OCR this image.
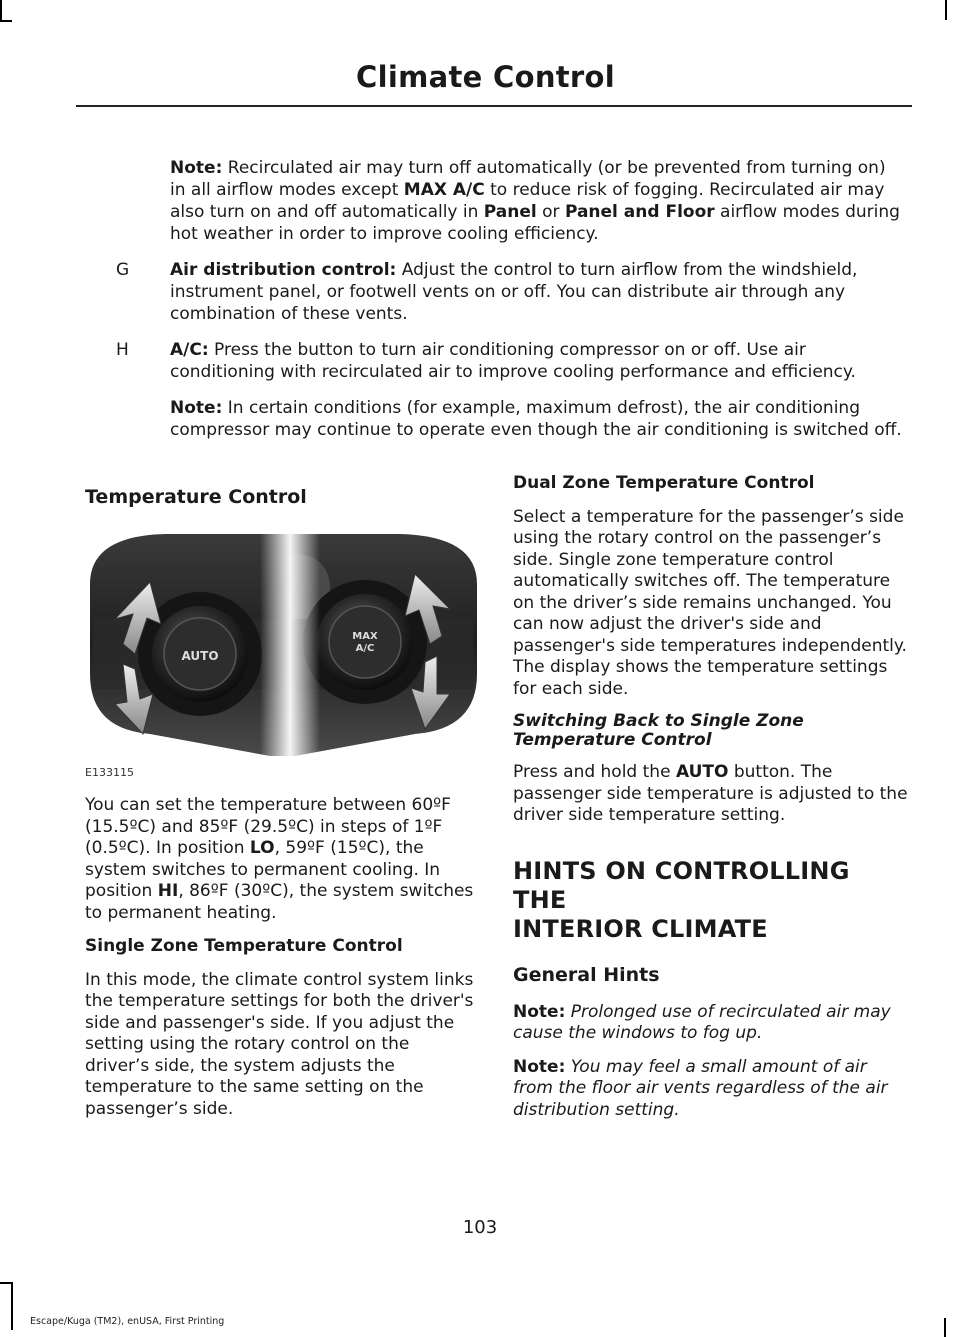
Climate Control
Note: Recirculated air may turn off automatically (or be prevented from turning on) in all airflow modes except MAX A/C to reduce risk of fogging. Recirculated air may also turn on and off automatically in Panel or Panel and Floor airflow modes during hot weather in order to improve cooling efficiency.
G Air distribution control: Adjust the control to turn airflow from the windshield, instrument panel, or footwell vents on or off. You can distribute air through any combination of these vents.
H A/C: Press the button to turn air conditioning compressor on or off. Use air conditioning with recirculated air to improve cooling performance and efficiency.
Note: In certain conditions (for example, maximum defrost), the air conditioning compressor may continue to operate even though the air conditioning is switched off.
Temperature Control
AUTO
MAX
A/C
E133115

You can set the temperature between 60ºF (15.5ºC) and 85ºF (29.5ºC) in steps of 1ºF (0.5ºC). In position LO, 59ºF (15ºC), the system switches to permanent cooling. In position HI, 86ºF (30ºC), the system switches to permanent heating.

Single Zone Temperature Control

In this mode, the climate control system links the temperature settings for both the driver's side and passenger's side. If you adjust the setting using the rotary control on the driver’s side, the system adjusts the temperature to the same setting on the passenger’s side.

Dual Zone Temperature Control

Select a temperature for the passenger’s side using the rotary control on the passenger’s side. Single zone temperature control automatically switches off. The temperature on the driver’s side remains unchanged. You can now adjust the driver's side and passenger's side temperatures independently. The display shows the temperature settings for each side.

Switching Back to Single Zone Temperature Control

Press and hold the AUTO button. The passenger side temperature is adjusted to the driver side temperature setting.

HINTS ON CONTROLLING THE
INTERIOR CLIMATE
General Hints

Note: Prolonged use of recirculated air may cause the windows to fog up.

Note: You may feel a small amount of air from the floor air vents regardless of the air distribution setting.

103
Escape/Kuga (TM2), enUSA, First Printing
